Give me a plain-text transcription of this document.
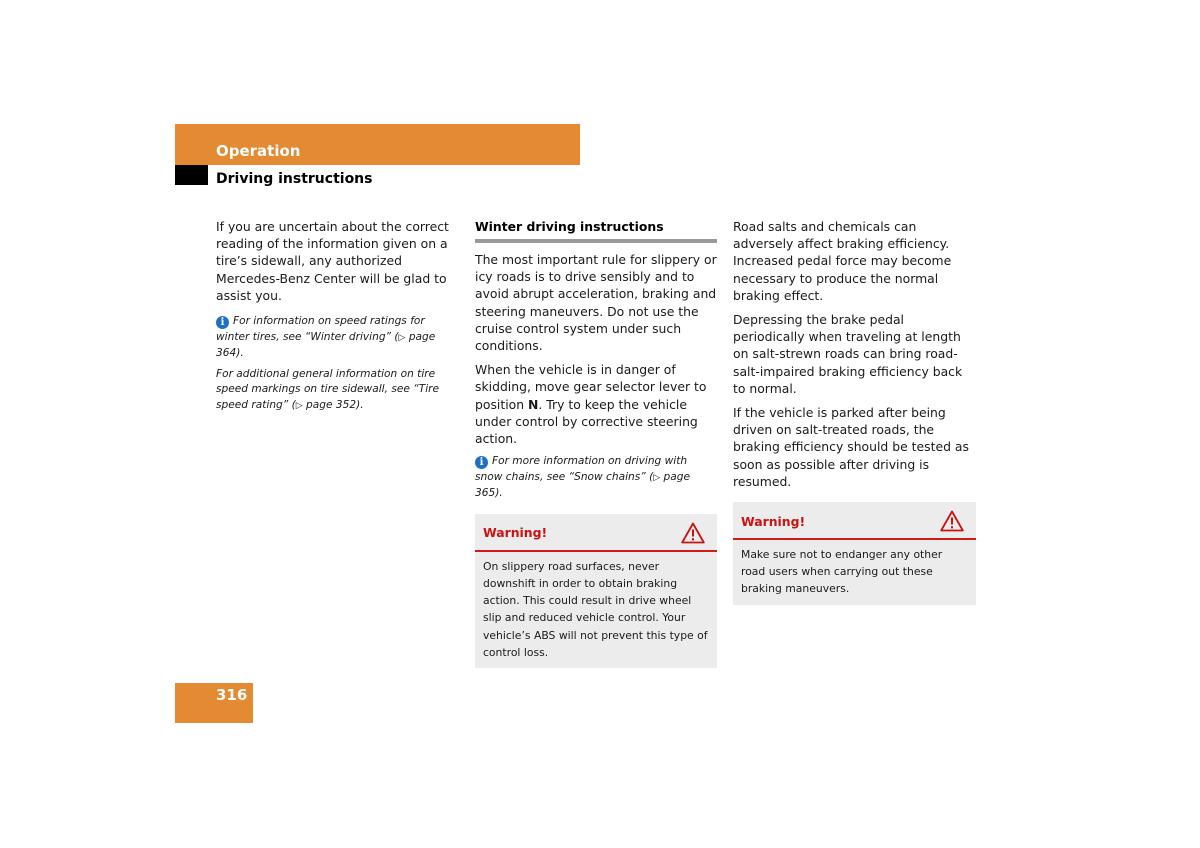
Operation
Driving instructions

If you are uncertain about the correct reading of the information given on a tire’s sidewall, any authorized Mercedes-Benz Center will be glad to assist you.

i For information on speed ratings for winter tires, see “Winter driving” (▷ page 364).

For additional general information on tire speed markings on tire sidewall, see “Tire speed rating” (▷ page 352).

Winter driving instructions

The most important rule for slippery or icy roads is to drive sensibly and to avoid abrupt acceleration, braking and steering maneuvers. Do not use the cruise control system under such conditions.

When the vehicle is in danger of skidding, move gear selector lever to position N. Try to keep the vehicle under control by corrective steering action.

i For more information on driving with snow chains, see “Snow chains” (▷ page 365).

Warning!

On slippery road surfaces, never downshift in order to obtain braking action. This could result in drive wheel slip and reduced vehicle control. Your vehicle’s ABS will not prevent this type of control loss.

Road salts and chemicals can adversely affect braking efficiency. Increased pedal force may become necessary to produce the normal braking effect.

Depressing the brake pedal periodically when traveling at length on salt-strewn roads can bring road-salt-impaired braking efficiency back to normal.

If the vehicle is parked after being driven on salt-treated roads, the braking efficiency should be tested as soon as possible after driving is resumed.

Warning!

Make sure not to endanger any other road users when carrying out these braking maneuvers.

316
